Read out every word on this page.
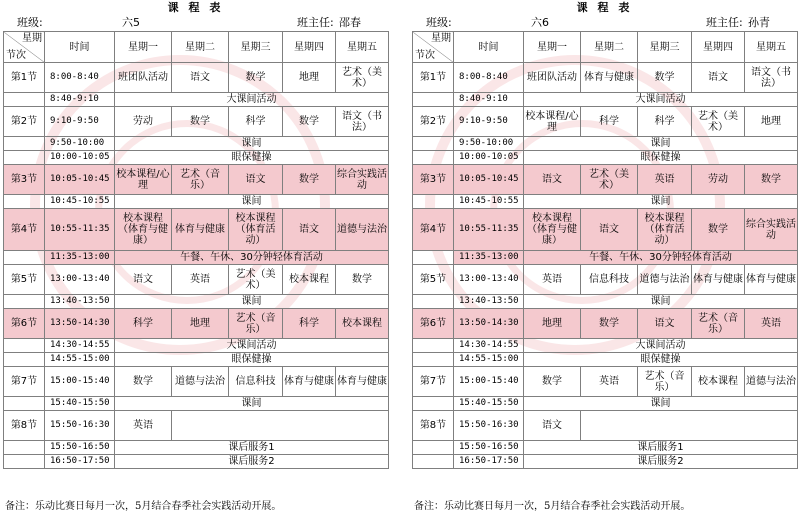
课 程 表
班级:	六5	班主任: 邵春
星期
节次	时间	星期一	星期二	星期三	星期四	星期五
第1节	8:00-8:40	班团队活动	语文	数学	地理	艺术（美术）
	8:40-9:10	大课间活动				
第2节	9:10-9:50	劳动	数学	科学	数学	语文（书法）
	9:50-10:00	课间				
	10:00-10:05	眼保健操				
第3节	10:05-10:45	校本课程/心理	艺术（音乐）	语文	数学	综合实践活动
	10:45-10:55	课间				
第4节	10:55-11:35	校本课程（体育与健康）	体育与健康	校本课程（体育活动）	语文	道德与法治
	11:35-13:00	午餐、午休、30分钟轻体育活动				
第5节	13:00-13:40	语文	英语	艺术（美术）	校本课程	数学
	13:40-13:50	课间				
第6节	13:50-14:30	科学	地理	艺术（音乐）	科学	校本课程
	14:30-14:55	大课间活动				
	14:55-15:00	眼保健操				
第7节	15:00-15:40	数学	道德与法治	信息科技	体育与健康	体育与健康
	15:40-15:50	课间				
第8节	15:50-16:30	英语				
	15:50-16:50	课后服务1				
	16:50-17:50	课后服务2				
课 程 表
班级:	六6	班主任: 孙青
星期
节次	时间	星期一	星期二	星期三	星期四	星期五
第1节	8:00-8:40	班团队活动	体育与健康	数学	语文	语文（书法）
	8:40-9:10	大课间活动				
第2节	9:10-9:50	校本课程/心理	科学	科学	艺术（美术）	地理
	9:50-10:00	课间				
	10:00-10:05	眼保健操				
第3节	10:05-10:45	语文	艺术（美术）	英语	劳动	数学
	10:45-10:55	课间				
第4节	10:55-11:35	校本课程（体育与健康）	语文	校本课程（体育活动）	数学	综合实践活动
	11:35-13:00	午餐、午休、30分钟轻体育活动				
第5节	13:00-13:40	英语	信息科技	道德与法治	体育与健康	体育与健康
	13:40-13:50	课间				
第6节	13:50-14:30	地理	数学	语文	艺术（音乐）	英语
	14:30-14:55	大课间活动				
	14:55-15:00	眼保健操				
第7节	15:00-15:40	数学	英语	艺术（音乐）	校本课程	道德与法治
	15:40-15:50	课间				
第8节	15:50-16:30	语文				
	15:50-16:50	课后服务1				
	16:50-17:50	课后服务2				
备注：乐动比赛日每月一次，5月结合春季社会实践活动开展。	备注：乐动比赛日每月一次，5月结合春季社会实践活动开展。
